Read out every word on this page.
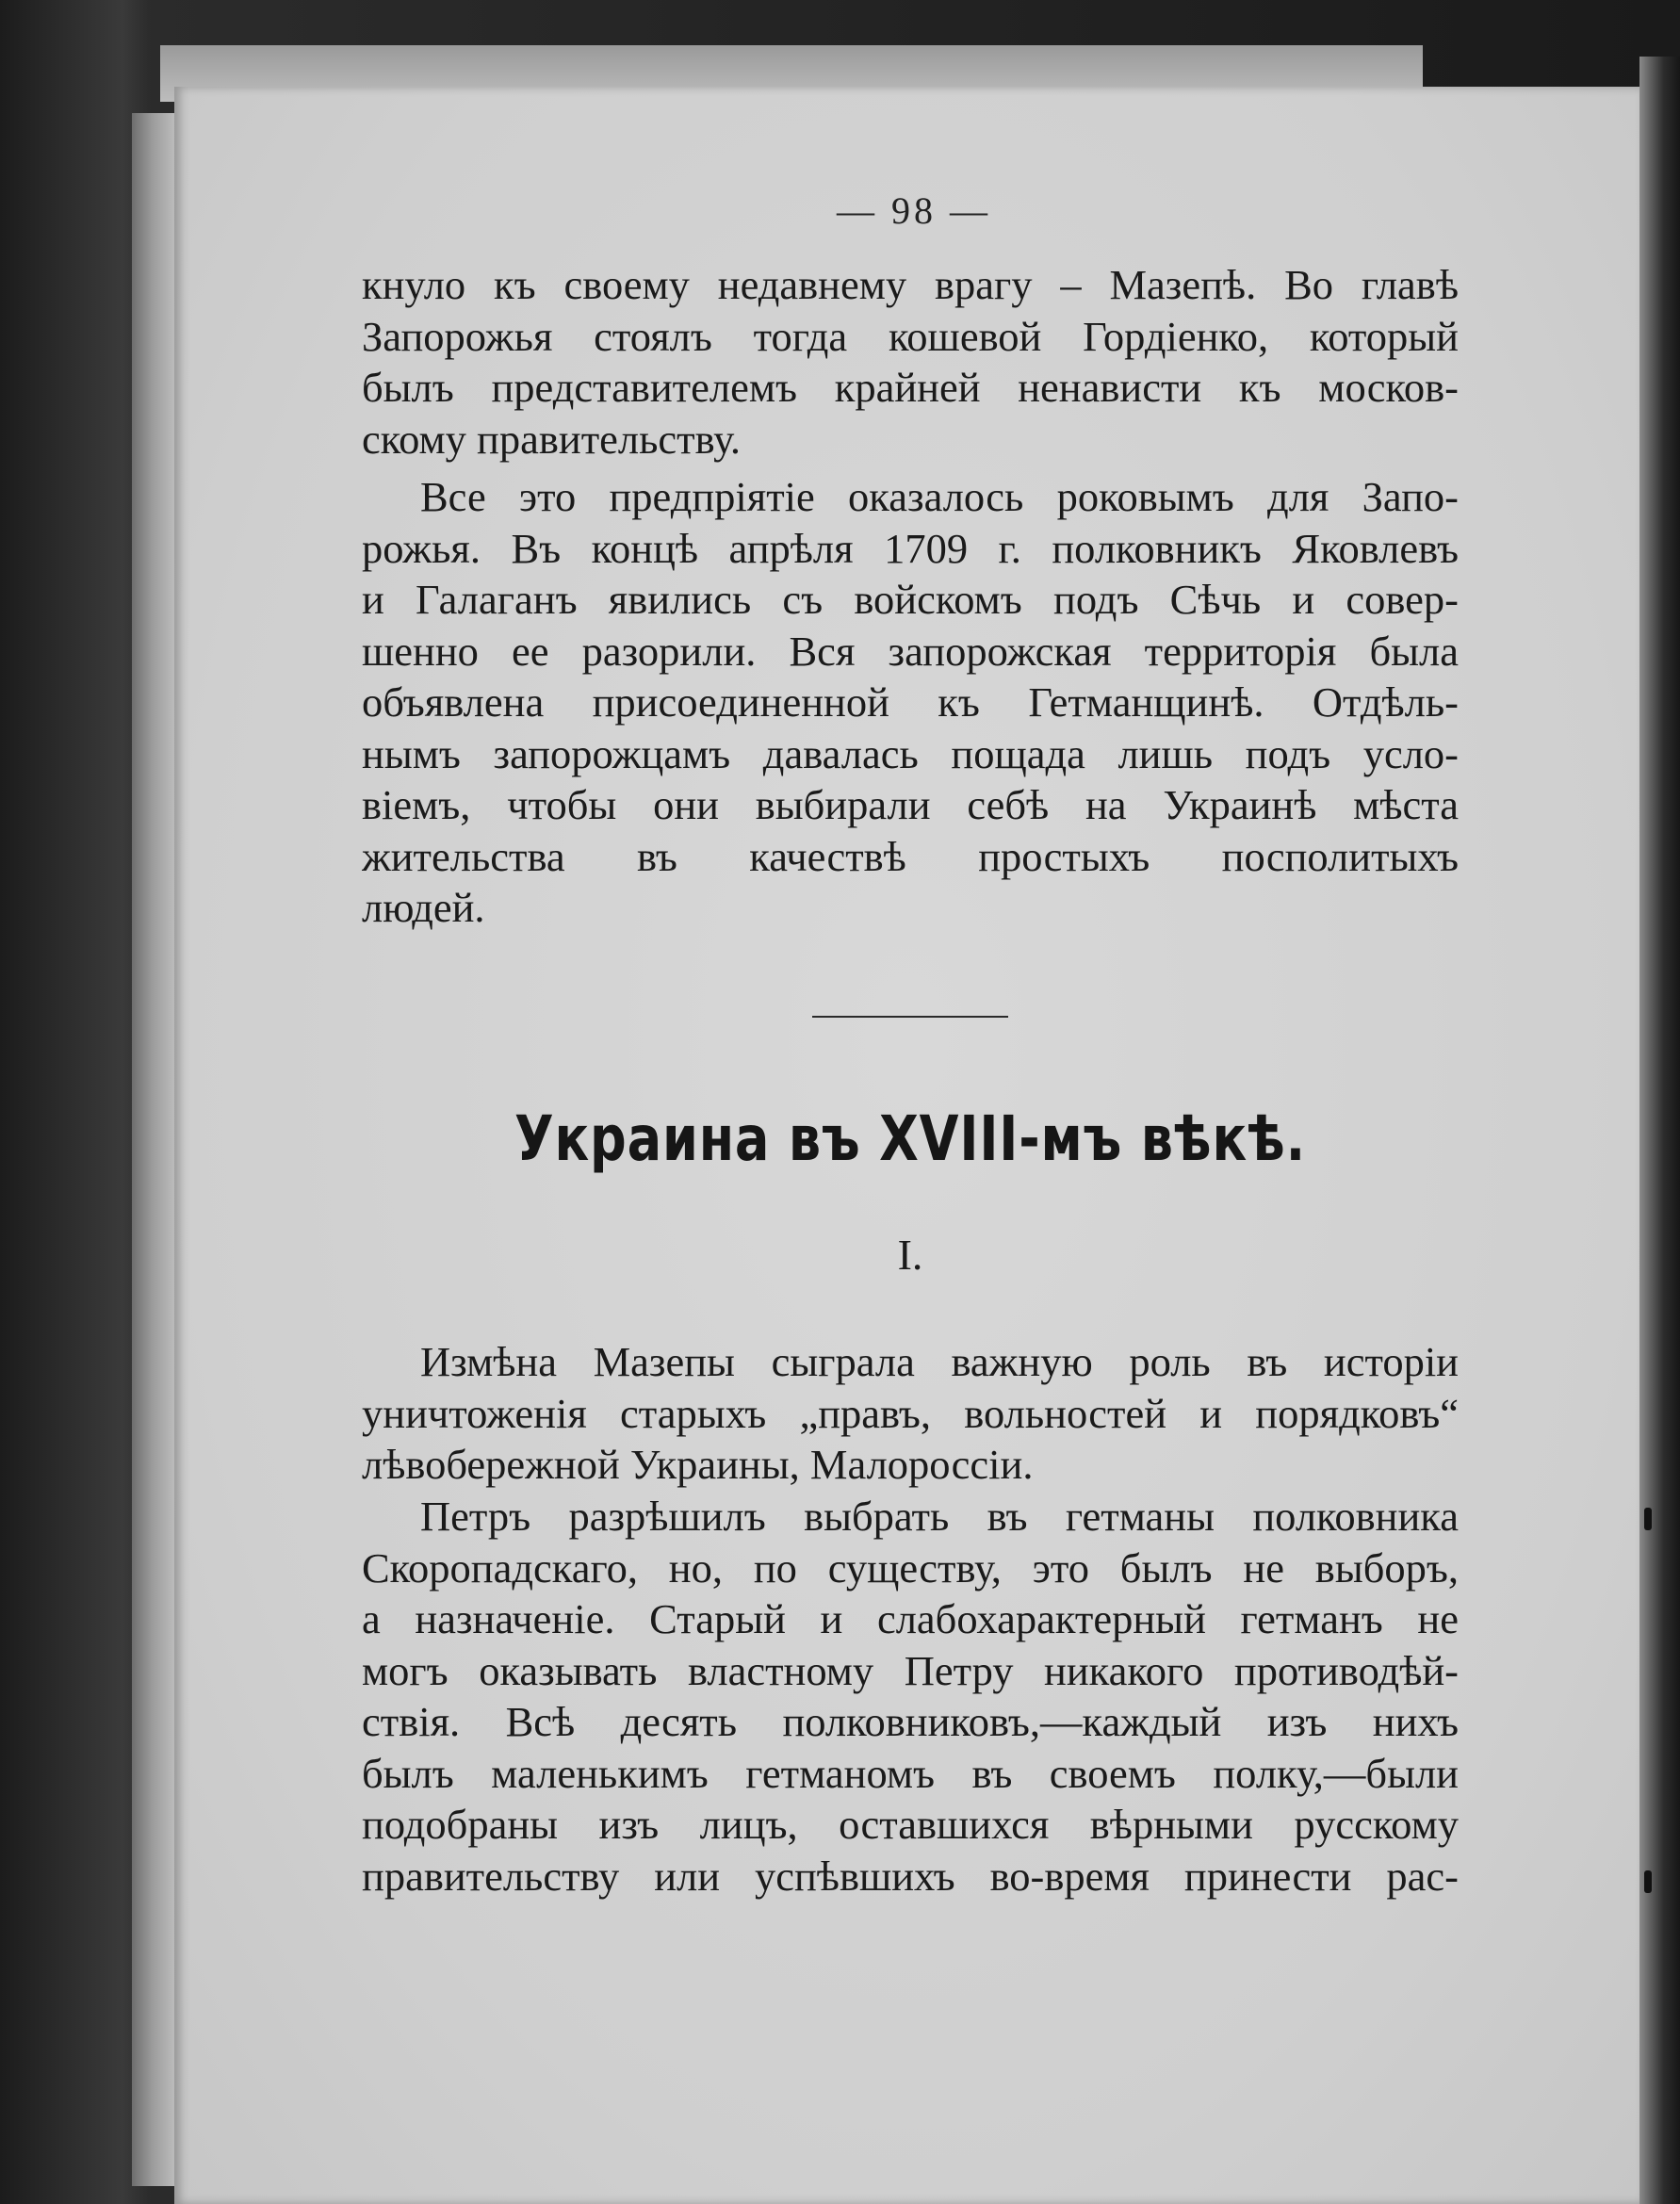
— 98 —
кнуло къ своему недавнему врагу – Мазепѣ. Во главѣ
Запорожья стоялъ тогда кошевой Гордіенко, который
былъ представителемъ крайней ненависти къ москов-
скому правительству.
Все это предпріятіе оказалось роковымъ для Запо-
рожья. Въ концѣ апрѣля 1709 г. полковникъ Яковлевъ
и Галаганъ явились съ войскомъ подъ Сѣчь и совер-
шенно ее разорили. Вся запорожская территорія была
объявлена присоединенной къ Гетманщинѣ. Отдѣль-
нымъ запорожцамъ давалась пощада лишь подъ усло-
віемъ, чтобы они выбирали себѣ на Украинѣ мѣста
жительства въ качествѣ простыхъ посполитыхъ
людей.
Украина въ XVIII-мъ вѣкѣ.
I.
Измѣна Мазепы сыграла важную роль въ исторіи
уничтоженія старыхъ „правъ, вольностей и порядковъ“
лѣвобережной Украины, Малороссіи.
Петръ разрѣшилъ выбрать въ гетманы полковника
Скоропадскаго, но, по существу, это былъ не выборъ,
а назначеніе. Старый и слабохарактерный гетманъ не
могъ оказывать властному Петру никакого противодѣй-
ствія. Всѣ десять полковниковъ,—каждый изъ нихъ
былъ маленькимъ гетманомъ въ своемъ полку,—были
подобраны изъ лицъ, оставшихся вѣрными русскому
правительству или успѣвшихъ во-время принести рас-
